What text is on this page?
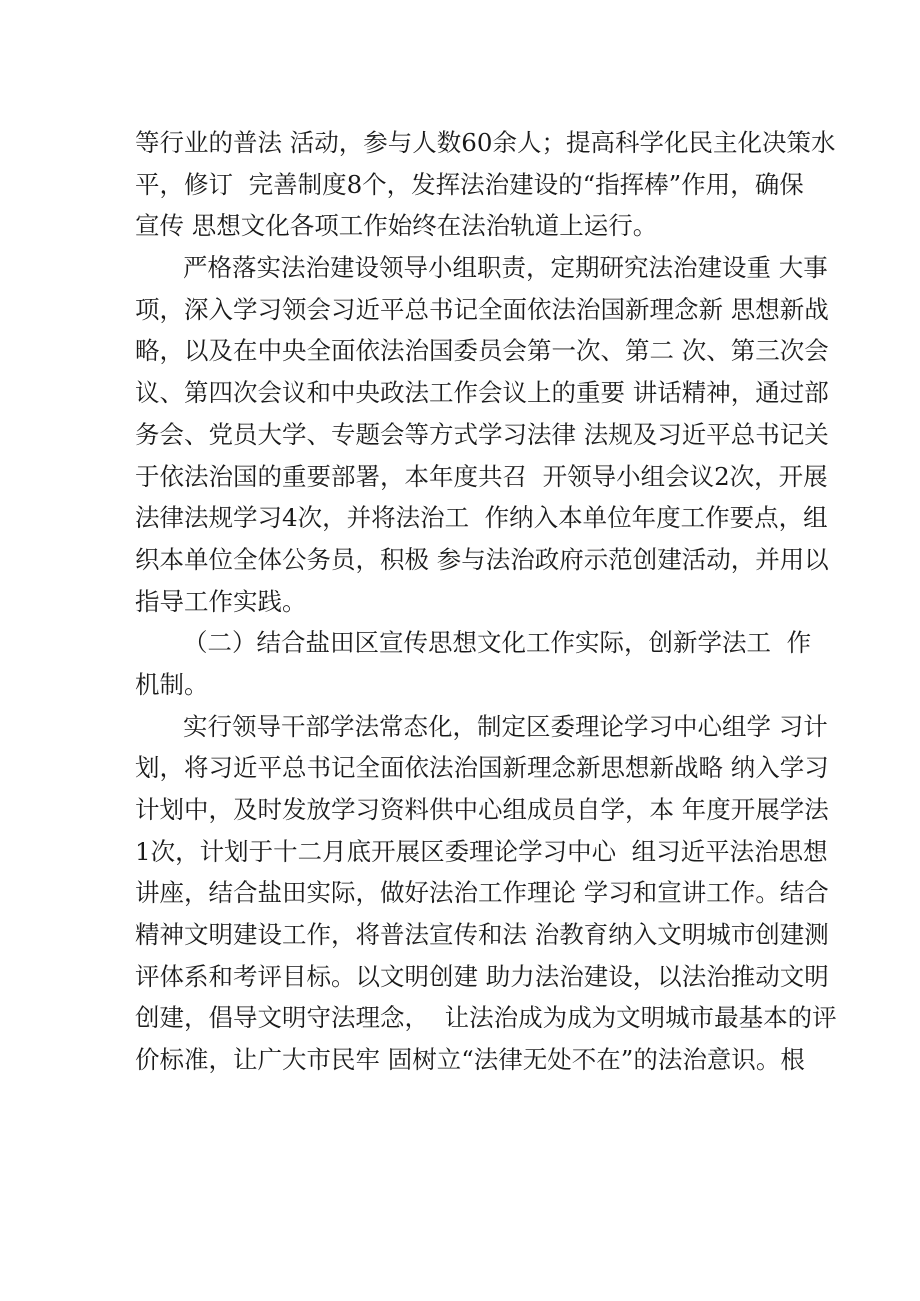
等行业的普法 活动，参与人数60余人；提高科学化民主化决策水
平，修订  完善制度8个，发挥法治建设的“指挥棒”作用，确保
宣传 思想文化各项工作始终在法治轨道上运行。
严格落实法治建设领导小组职责，定期研究法治建设重 大事
项，深入学习领会习近平总书记全面依法治国新理念新 思想新战
略，以及在中央全面依法治国委员会第一次、第二 次、第三次会
议、第四次会议和中央政法工作会议上的重要 讲话精神，通过部
务会、党员大学、专题会等方式学习法律 法规及习近平总书记关
于依法治国的重要部署，本年度共召  开领导小组会议2次，开展
法律法规学习4次，并将法治工  作纳入本单位年度工作要点，组
织本单位全体公务员，积极 参与法治政府示范创建活动，并用以
指导工作实践。
（二）结合盐田区宣传思想文化工作实际，创新学法工  作
机制。
实行领导干部学法常态化，制定区委理论学习中心组学 习计
划，将习近平总书记全面依法治国新理念新思想新战略 纳入学习
计划中，及时发放学习资料供中心组成员自学，本 年度开展学法
1次，计划于十二月底开展区委理论学习中心  组习近平法治思想
讲座，结合盐田实际，做好法治工作理论 学习和宣讲工作。结合
精神文明建设工作，将普法宣传和法 治教育纳入文明城市创建测
评体系和考评目标。以文明创建 助力法治建设，以法治推动文明
创建，倡导文明守法理念，  让法治成为成为文明城市最基本的评
价标准，让广大市民牢 固树立“法律无处不在”的法治意识。根
